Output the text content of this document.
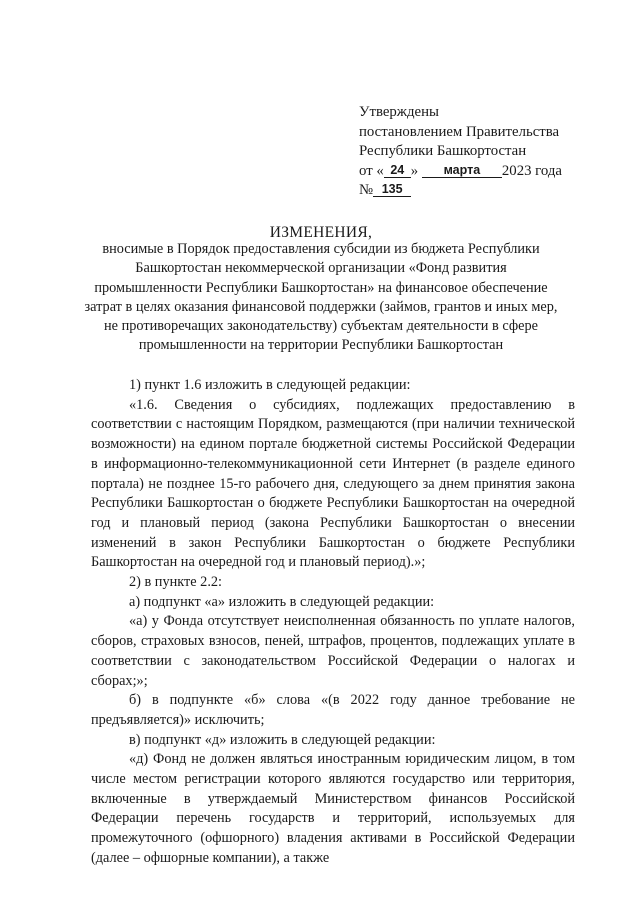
Утверждены
постановлением Правительства
Республики Башкортостан
от « 24 » марта 2023 года
№ 135
ИЗМЕНЕНИЯ,
вносимые в Порядок предоставления субсидии из бюджета Республики Башкортостан некоммерческой организации «Фонд развития промышленности Республики Башкортостан» на финансовое обеспечение затрат в целях оказания финансовой поддержки (займов, грантов и иных мер, не противоречащих законодательству) субъектам деятельности в сфере промышленности на территории Республики Башкортостан

1) пункт 1.6 изложить в следующей редакции:

«1.6. Сведения о субсидиях, подлежащих предоставлению в соответствии с настоящим Порядком, размещаются (при наличии технической возможности) на едином портале бюджетной системы Российской Федерации в информационно-телекоммуникационной сети Интернет (в разделе единого портала) не позднее 15-го рабочего дня, следующего за днем принятия закона Республики Башкортостан о бюджете Республики Башкортостан на очередной год и плановый период (закона Республики Башкортостан о внесении изменений в закон Республики Башкортостан о бюджете Республики Башкортостан на очередной год и плановый период).»;

2) в пункте 2.2:

а) подпункт «а» изложить в следующей редакции:

«а) у Фонда отсутствует неисполненная обязанность по уплате налогов, сборов, страховых взносов, пеней, штрафов, процентов, подлежащих уплате в соответствии с законодательством Российской Федерации о налогах и сборах;»;

б) в подпункте «б» слова «(в 2022 году данное требование не предъявляется)» исключить;

в) подпункт «д» изложить в следующей редакции:

«д) Фонд не должен являться иностранным юридическим лицом, в том числе местом регистрации которого являются государство или территория, включенные в утверждаемый Министерством финансов Российской Федерации перечень государств и территорий, используемых для промежуточного (офшорного) владения активами в Российской Федерации (далее – офшорные компании), а также
